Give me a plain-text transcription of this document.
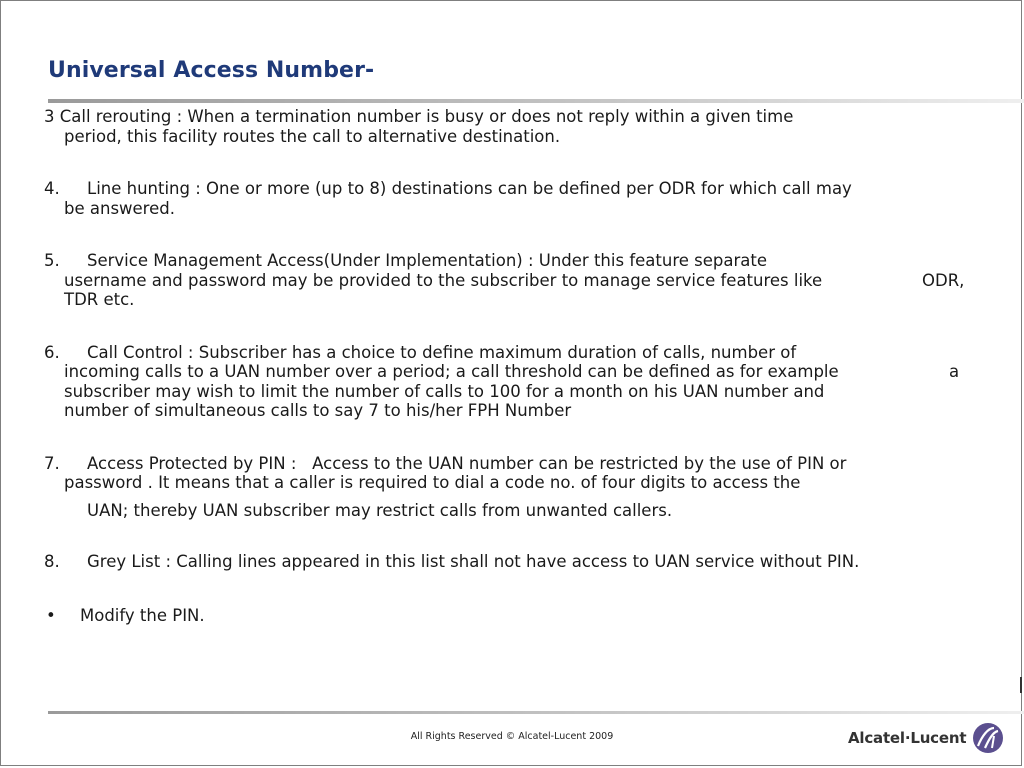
Universal Access Number-
3 Call rerouting : When a termination number is busy or does not reply within a given time
period, this facility routes the call to alternative destination.
4. Line hunting : One or more (up to 8) destinations can be defined per ODR for which call may
be answered.
5. Service Management Access(Under Implementation) : Under this feature separate
username and password may be provided to the subscriber to manage service features like	ODR,
TDR etc.
6. Call Control : Subscriber has a choice to define maximum duration of calls, number of
incoming calls to a UAN number over a period; a call threshold can be defined as for example	a
subscriber may wish to limit the number of calls to 100 for a month on his UAN number and
number of simultaneous calls to say 7 to his/her FPH Number
7. Access Protected by PIN :   Access to the UAN number can be restricted by the use of PIN or
password . It means that a caller is required to dial a code no. of four digits to access the
UAN; thereby UAN subscriber may restrict calls from unwanted callers.
8. Grey List : Calling lines appeared in this list shall not have access to UAN service without PIN.
• Modify the PIN.
All Rights Reserved © Alcatel-Lucent 2009	Alcatel·Lucent
